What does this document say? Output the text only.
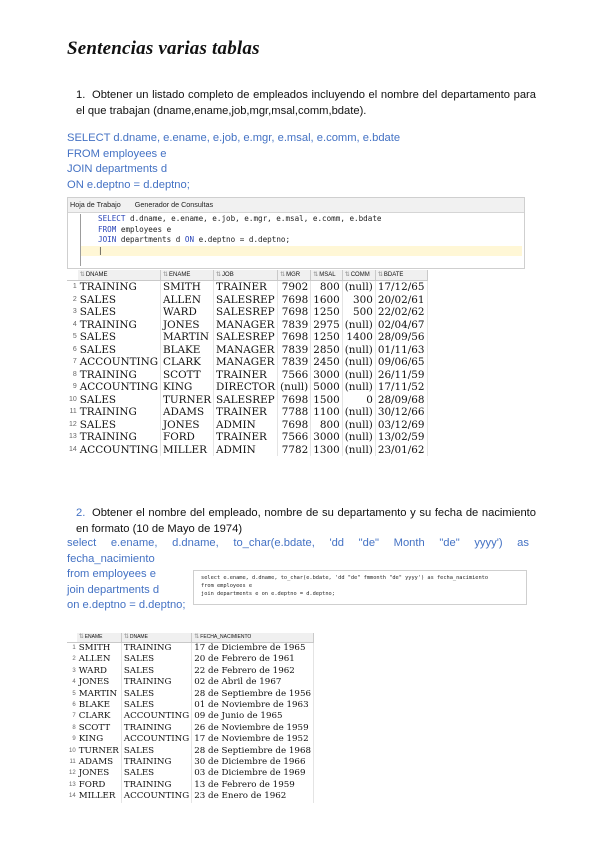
Sentencias varias tablas
1. Obtener un listado completo de empleados incluyendo el nombre del departamento para el que trabajan (dname,ename,job,mgr,msal,comm,bdate).
SELECT d.dname, e.ename, e.job, e.mgr, e.msal, e.comm, e.bdate
FROM employees e
JOIN departments d
ON e.deptno = d.deptno;
Hoja de Trabajo Generador de Consultas
SELECT d.dname, e.ename, e.job, e.mgr, e.msal, e.comm, e.bdate
FROM employees e
JOIN departments d ON e.deptno = d.deptno;
|
	⇅DNAME	⇅ENAME	⇅JOB	⇅MGR	⇅MSAL	⇅COMM	⇅BDATE
1	TRAINING	SMITH	TRAINER	7902	800	(null)	17/12/65
2	SALES	ALLEN	SALESREP	7698	1600	300	20/02/61
3	SALES	WARD	SALESREP	7698	1250	500	22/02/62
4	TRAINING	JONES	MANAGER	7839	2975	(null)	02/04/67
5	SALES	MARTIN	SALESREP	7698	1250	1400	28/09/56
6	SALES	BLAKE	MANAGER	7839	2850	(null)	01/11/63
7	ACCOUNTING	CLARK	MANAGER	7839	2450	(null)	09/06/65
8	TRAINING	SCOTT	TRAINER	7566	3000	(null)	26/11/59
9	ACCOUNTING	KING	DIRECTOR	(null)	5000	(null)	17/11/52
10	SALES	TURNER	SALESREP	7698	1500	0	28/09/68
11	TRAINING	ADAMS	TRAINER	7788	1100	(null)	30/12/66
12	SALES	JONES	ADMIN	7698	800	(null)	03/12/69
13	TRAINING	FORD	TRAINER	7566	3000	(null)	13/02/59
14	ACCOUNTING	MILLER	ADMIN	7782	1300	(null)	23/01/62
2. Obtener el nombre del empleado, nombre de su departamento y su fecha de nacimiento en formato (10 de Mayo de 1974)
select e.ename, d.dname, to_char(e.bdate, 'dd "de" Month "de" yyyy') as
fecha_nacimiento
from employees e
join departments d
on e.deptno = d.deptno;
select e.ename, d.dname, to_char(e.bdate, 'dd "de" fmmonth "de" yyyy') as fecha_nacimiento
from employees e
join departments e on e.deptno = d.deptno;
	⇅ENAME	⇅DNAME	⇅FECHA_NACIMIENTO
1	SMITH	TRAINING	17 de Diciembre de 1965
2	ALLEN	SALES	20 de Febrero de 1961
3	WARD	SALES	22 de Febrero de 1962
4	JONES	TRAINING	02 de Abril de 1967
5	MARTIN	SALES	28 de Septiembre de 1956
6	BLAKE	SALES	01 de Noviembre de 1963
7	CLARK	ACCOUNTING	09 de Junio de 1965
8	SCOTT	TRAINING	26 de Noviembre de 1959
9	KING	ACCOUNTING	17 de Noviembre de 1952
10	TURNER	SALES	28 de Septiembre de 1968
11	ADAMS	TRAINING	30 de Diciembre de 1966
12	JONES	SALES	03 de Diciembre de 1969
13	FORD	TRAINING	13 de Febrero de 1959
14	MILLER	ACCOUNTING	23 de Enero de 1962
